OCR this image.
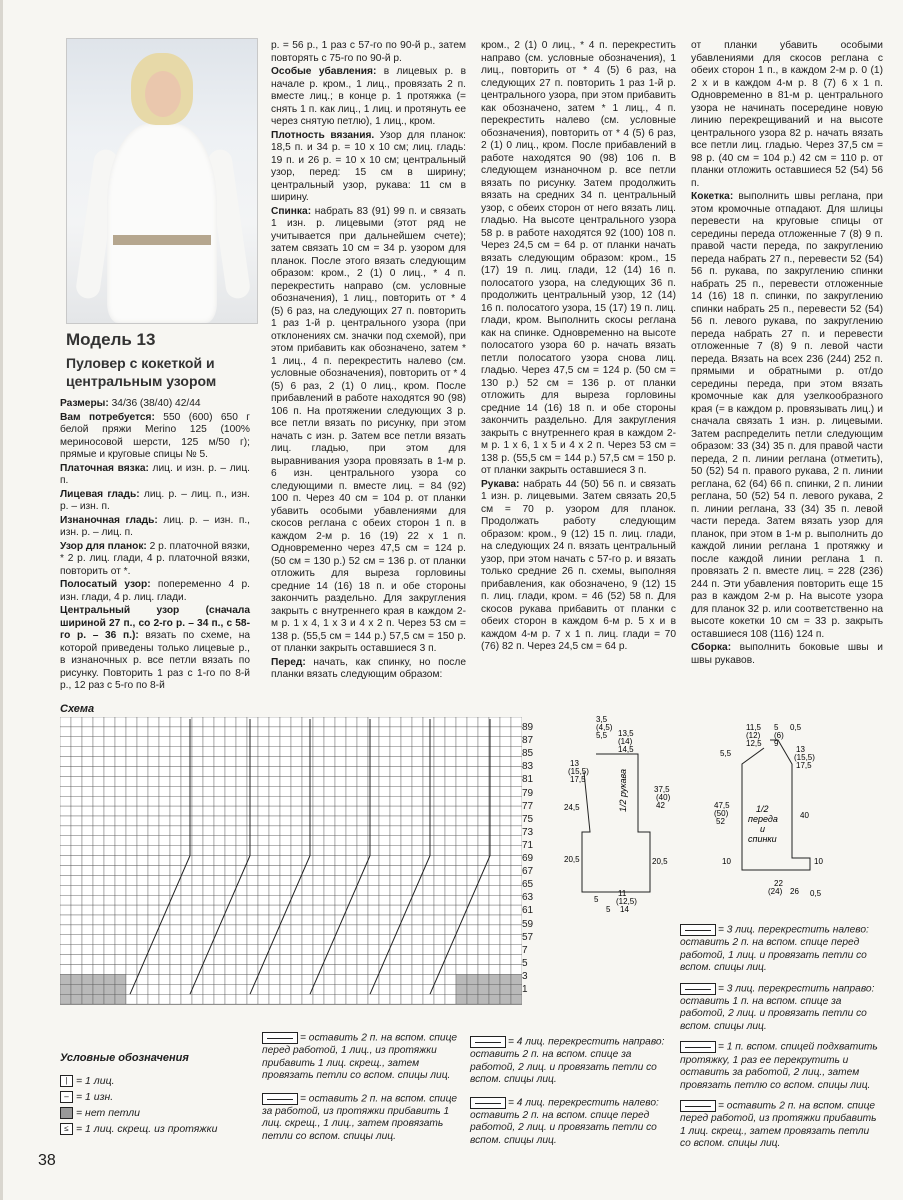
Модель 13

Пуловер с кокеткой и центральным узором

Размеры: 34/36 (38/40) 42/44

Вам потребуется: 550 (600) 650 г белой пряжи Merino 125 (100% мериносовой шерсти, 125 м/50 г); прямые и круговые спицы № 5.

Платочная вязка: лиц. и изн. р. – лиц. п.

Лицевая гладь: лиц. р. – лиц. п., изн. р. – изн. п.

Изнаночная гладь: лиц. р. – изн. п., изн. р. – лиц. п.

Узор для планок: 2 р. платочной вязки, * 2 р. лиц. глади, 4 р. платочной вязки, повторить от *.

Полосатый узор: попеременно 4 р. изн. глади, 4 р. лиц. глади.

Центральный узор (сначала шириной 27 п., со 2-го р. – 34 п., с 58-го р. – 36 п.): вязать по схеме, на которой приведены только лицевые р., в изнаночных р. все петли вязать по рисунку. Повторить 1 раз с 1-го по 8-й р., 12 раз с 5-го по 8-й

р. = 56 р., 1 раз с 57-го по 90-й р., затем повторять с 75-го по 90-й р.

Особые убавления: в лицевых р. в начале р. кром., 1 лиц., провязать 2 п. вместе лиц.; в конце р. 1 протяжка (= снять 1 п. как лиц., 1 лиц. и протянуть ее через снятую петлю), 1 лиц., кром.

Плотность вязания. Узор для планок: 18,5 п. и 34 р. = 10 х 10 см; лиц. гладь: 19 п. и 26 р. = 10 х 10 см; центральный узор, перед: 15 см в ширину; центральный узор, рукава: 11 см в ширину.

Спинка: набрать 83 (91) 99 п. и связать 1 изн. р. лицевыми (этот ряд не учитывается при дальнейшем счете); затем связать 10 см = 34 р. узором для планок. После этого вязать следующим образом: кром., 2 (1) 0 лиц., * 4 п. перекрестить направо (см. условные обозначения), 1 лиц., повторить от * 4 (5) 6 раз, на следующих 27 п. повторить 1 раз 1-й р. центрального узора (при отклонениях см. значки под схемой), при этом прибавить как обозначено, затем * 1 лиц., 4 п. перекрестить налево (см. условные обозначения), повторить от * 4 (5) 6 раз, 2 (1) 0 лиц., кром. После прибавлений в работе находятся 90 (98) 106 п. На протяжении следующих 3 р. все петли вязать по рисунку, при этом начать с изн. р. Затем все петли вязать лиц. гладью, при этом для выравнивания узора провязать в 1-м р. 6 изн. центрального узора со следующими п. вместе лиц. = 84 (92) 100 п. Через 40 см = 104 р. от планки убавить особыми убавлениями для скосов реглана с обеих сторон 1 п. в каждом 2-м р. 16 (19) 22 х 1 п. Одновременно через 47,5 см = 124 р. (50 см = 130 р.) 52 см = 136 р. от планки отложить для выреза горловины средние 14 (16) 18 п. и обе стороны закончить раздельно. Для закругления закрыть с внутреннего края в каждом 2-м р. 1 х 4, 1 х 3 и 4 х 2 п. Через 53 см = 138 р. (55,5 см = 144 р.) 57,5 см = 150 р. от планки закрыть оставшиеся 3 п.

Перед: начать, как спинку, но после планки вязать следующим образом:

кром., 2 (1) 0 лиц., * 4 п. перекрестить направо (см. условные обозначения), 1 лиц., повторить от * 4 (5) 6 раз, на следующих 27 п. повторить 1 раз 1-й р. центрального узора, при этом прибавить как обозначено, затем * 1 лиц., 4 п. перекрестить налево (см. условные обозначения), повторить от * 4 (5) 6 раз, 2 (1) 0 лиц., кром. После прибавлений в работе находятся 90 (98) 106 п. В следующем изнаночном р. все петли вязать по рисунку. Затем продолжить вязать на средних 34 п. центральный узор, с обеих сторон от него вязать лиц. гладью. На высоте центрального узора 58 р. в работе находятся 92 (100) 108 п. Через 24,5 см = 64 р. от планки начать вязать следующим образом: кром., 15 (17) 19 п. лиц. глади, 12 (14) 16 п. полосатого узора, на следующих 36 п. продолжить центральный узор, 12 (14) 16 п. полосатого узора, 15 (17) 19 п. лиц. глади, кром. Выполнить скосы реглана как на спинке. Одновременно на высоте полосатого узора 60 р. начать вязать петли полосатого узора снова лиц. гладью. Через 47,5 см = 124 р. (50 см = 130 р.) 52 см = 136 р. от планки отложить для выреза горловины средние 14 (16) 18 п. и обе стороны закончить раздельно. Для закругления закрыть с внутреннего края в каждом 2-м р. 1 х 6, 1 х 5 и 4 х 2 п. Через 53 см = 138 р. (55,5 см = 144 р.) 57,5 см = 150 р. от планки закрыть оставшиеся 3 п.

Рукава: набрать 44 (50) 56 п. и связать 1 изн. р. лицевыми. Затем связать 20,5 см = 70 р. узором для планок. Продолжать работу следующим образом: кром., 9 (12) 15 п. лиц. глади, на следующих 24 п. вязать центральный узор, при этом начать с 57-го р. и вязать только средние 26 п. схемы, выполняя прибавления, как обозначено, 9 (12) 15 п. лиц. глади, кром. = 46 (52) 58 п. Для скосов рукава прибавить от планки с обеих сторон в каждом 6-м р. 5 х и в каждом 4-м р. 7 х 1 п. лиц. глади = 70 (76) 82 п. Через 24,5 см = 64 р.

от планки убавить особыми убавлениями для скосов реглана с обеих сторон 1 п., в каждом 2-м р. 0 (1) 2 х и в каждом 4-м р. 8 (7) 6 х 1 п. Одновременно в 81-м р. центрального узора не начинать посередине новую линию перекрещиваний и на высоте центрального узора 82 р. начать вязать все петли лиц. гладью. Через 37,5 см = 98 р. (40 см = 104 р.) 42 см = 110 р. от планки отложить оставшиеся 52 (54) 56 п.

Кокетка: выполнить швы реглана, при этом кромочные отпадают. Для шлицы перевести на круговые спицы от середины переда отложенные 7 (8) 9 п. правой части переда, по закруглению переда набрать 27 п., перевести 52 (54) 56 п. рукава, по закруглению спинки набрать 25 п., перевести отложенные 14 (16) 18 п. спинки, по закруглению спинки набрать 25 п., перевести 52 (54) 56 п. левого рукава, по закруглению переда набрать 27 п. и перевести отложенные 7 (8) 9 п. левой части переда. Вязать на всех 236 (244) 252 п. прямыми и обратными р. от/до середины переда, при этом вязать кромочные как для узелкообразного края (= в каждом р. провязывать лиц.) и сначала связать 1 изн. р. лицевыми. Затем распределить петли следующим образом: 33 (34) 35 п. для правой части переда, 2 п. линии реглана (отметить), 50 (52) 54 п. правого рукава, 2 п. линии реглана, 62 (64) 66 п. спинки, 2 п. линии реглана, 50 (52) 54 п. левого рукава, 2 п. линии реглана, 33 (34) 35 п. левой части переда. Затем вязать узор для планок, при этом в 1-м р. выполнить до каждой линии реглана 1 протяжку и после каждой линии реглана 1 п. провязать 2 п. вместе лиц. = 228 (236) 244 п. Эти убавления повторить еще 15 раз в каждом 2-м р. На высоте узора для планок 32 р. или соответственно на высоте кокетки 10 см = 33 р. закрыть оставшиеся 108 (116) 124 п.

Сборка: выполнить боковые швы и швы рукавов.

Схема
89
87
85
83
81
79
77
75
73
71
69
67
65
63
61
59
57
7
5
3
1
3,5
(4,5)
5,5 13,5
(14)
14,5
13
(15,5)
17,5
37,5
(40)
42
24,5
20,5	20,5
5
11
(12,5)
14
5
1/2 рукава
11,5
(12)
12,5
5
(6)
9
0,5
5,5	13
(15,5)
17,5
47,5
(50)
52
40
10	10
22
(24) 26 0,5
1/2
переда
и
спинки
= 3 лиц. перекрестить налево: оставить 2 п. на вспом. спице перед работой, 1 лиц. и провязать петли со вспом. спицы лиц.
= 3 лиц. перекрестить направо: оставить 1 п. на вспом. спице за работой, 2 лиц. и провязать петли со вспом. спицы лиц.
= 1 п. вспом. спицей подхватить протяжку, 1 раз ее перекрутить и оставить за работой, 2 лиц., затем провязать петлю со вспом. спицы лиц.
= оставить 2 п. на вспом. спице перед работой, из протяжки прибавить 1 лиц. скрещ., затем провязать петли со вспом. спицы лиц.
Условные обозначения
| = 1 лиц.
– = 1 изн.
= нет петли
≤ = 1 лиц. скрещ. из протяжки
= оставить 2 п. на вспом. спице перед работой, 1 лиц., из протяжки прибавить 1 лиц. скрещ., затем провязать петли со вспом. спицы лиц.
= оставить 2 п. на вспом. спице за работой, из протяжки прибавить 1 лиц. скрещ., 1 лиц., затем провязать петли со вспом. спицы лиц.
= 4 лиц. перекрестить направо: оставить 2 п. на вспом. спице за работой, 2 лиц. и провязать петли со вспом. спицы лиц.
= 4 лиц. перекрестить налево: оставить 2 п. на вспом. спице перед работой, 2 лиц. и провязать петли со вспом. спицы лиц.
38
